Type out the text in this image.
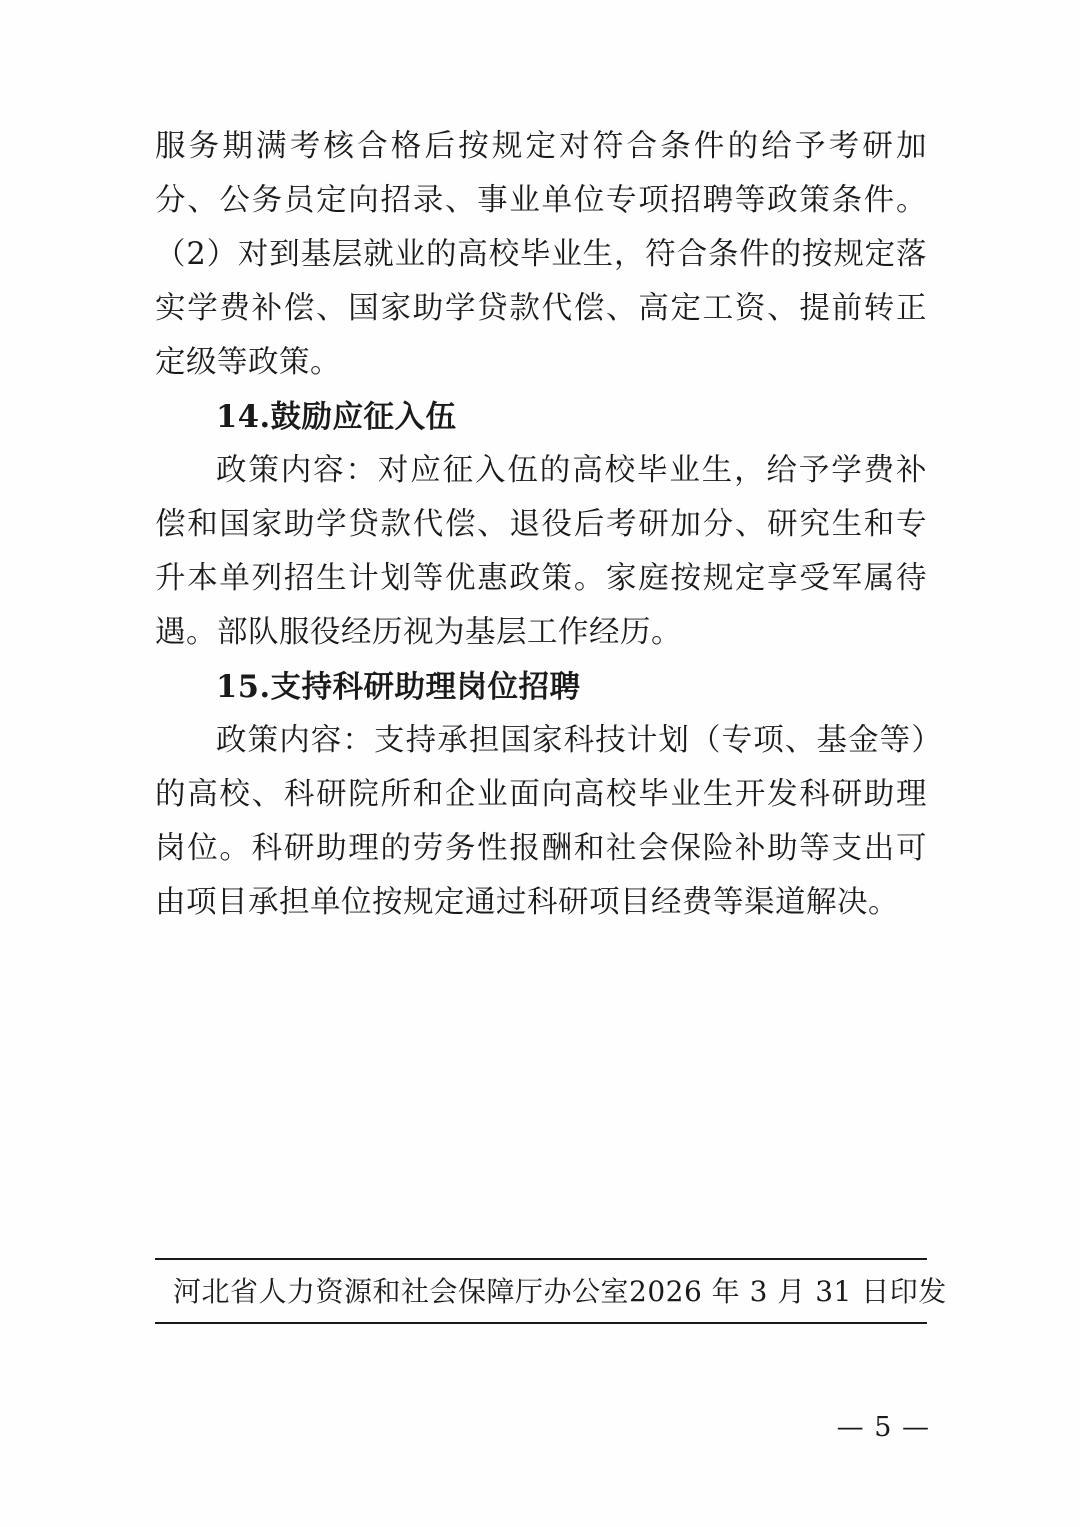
服务期满考核合格后按规定对符合条件的给予考研加分、公务员定向招录、事业单位专项招聘等政策条件。（2）对到基层就业的高校毕业生，符合条件的按规定落实学费补偿、国家助学贷款代偿、高定工资、提前转正定级等政策。

14.鼓励应征入伍

政策内容：对应征入伍的高校毕业生，给予学费补偿和国家助学贷款代偿、退役后考研加分、研究生和专升本单列招生计划等优惠政策。家庭按规定享受军属待遇。部队服役经历视为基层工作经历。

15.支持科研助理岗位招聘

政策内容：支持承担国家科技计划（专项、基金等）的高校、科研院所和企业面向高校毕业生开发科研助理岗位。科研助理的劳务性报酬和社会保险补助等支出可由项目承担单位按规定通过科研项目经费等渠道解决。

河北省人力资源和社会保障厅办公室 2026 年 3 月 31 日印发
— 5 —
